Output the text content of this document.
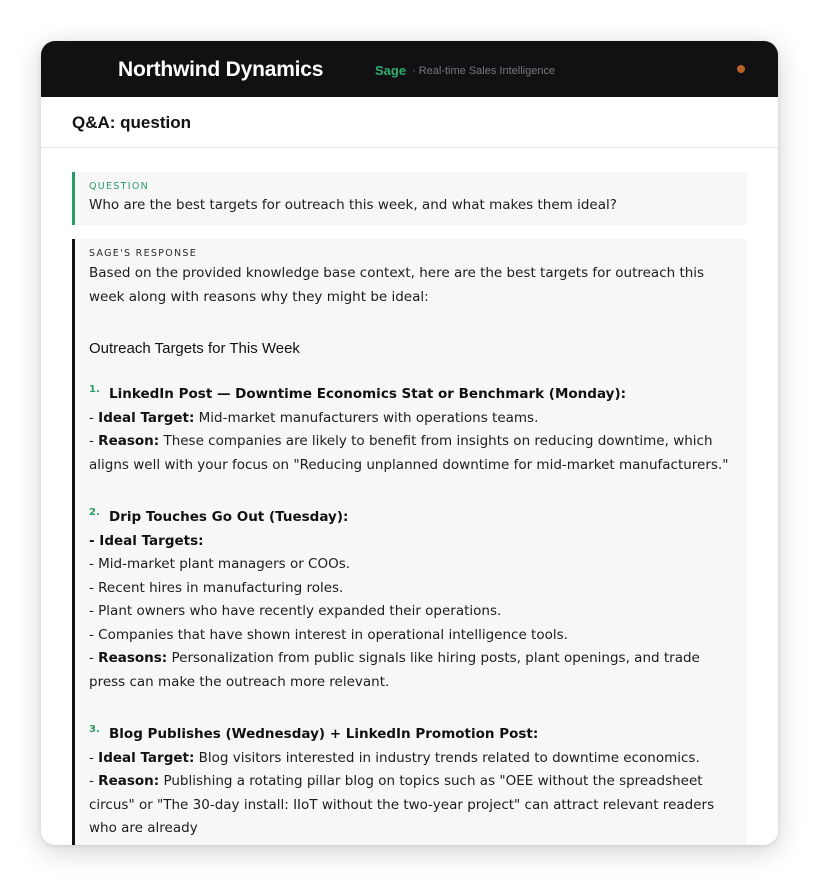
Northwind Dynamics	Sage · Real-time Sales Intelligence
Q&A: question
QUESTION
Who are the best targets for outreach this week, and what makes them ideal?
SAGE'S RESPONSE
Based on the provided knowledge base context, here are the best targets for outreach this week along with reasons why they might be ideal:
Outreach Targets for This Week
1. LinkedIn Post — Downtime Economics Stat or Benchmark (Monday):
- Ideal Target: Mid-market manufacturers with operations teams.
- Reason: These companies are likely to benefit from insights on reducing downtime, which aligns well with your focus on "Reducing unplanned downtime for mid-market manufacturers."
2. Drip Touches Go Out (Tuesday):
- Ideal Targets:
- Mid-market plant managers or COOs.
- Recent hires in manufacturing roles.
- Plant owners who have recently expanded their operations.
- Companies that have shown interest in operational intelligence tools.
- Reasons: Personalization from public signals like hiring posts, plant openings, and trade press can make the outreach more relevant.
3. Blog Publishes (Wednesday) + LinkedIn Promotion Post:
- Ideal Target: Blog visitors interested in industry trends related to downtime economics.
- Reason: Publishing a rotating pillar blog on topics such as "OEE without the spreadsheet circus" or "The 30-day install: IIoT without the two-year project" can attract relevant readers who are already
